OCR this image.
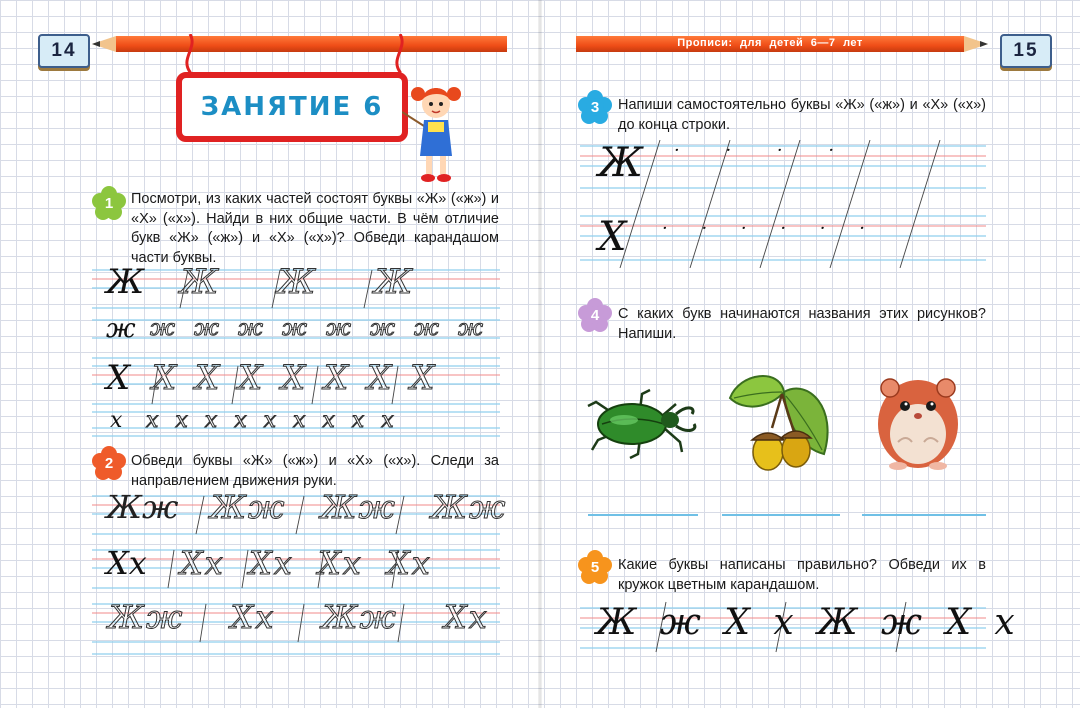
14
ЗАНЯТИЕ 6
1	Посмотри, из каких частей состоят буквы «Ж» («ж») и «Х» («х»). Найди в них общие части. В чём отличие букв «Ж» («ж») и «Х» («х»)? Обведи карандашом части буквы.
Ж Ж Ж Ж
ж ж ж ж ж ж ж ж ж
Х Х Х Х Х Х Х Х
х х х х х х х х х х
2	Обведи буквы «Ж» («ж») и «Х» («х»). Следи за направлением движения руки.
Жж Жж Жж Жж
Хх Хх Хх Хх Хх
Жж Хх Жж Хх
Прописи: для детей 6—7 лет	15
3	Напиши самостоятельно буквы «Ж» («ж») и «Х» («х») до конца строки.
Ж · · · ·
Х · · · · · ·
4	С каких букв начинаются названия этих рисунков? Напиши.
5	Какие буквы написаны правильно? Обведи их в кружок цветным карандашом.
Ж ж Х х Ж ж Х х
